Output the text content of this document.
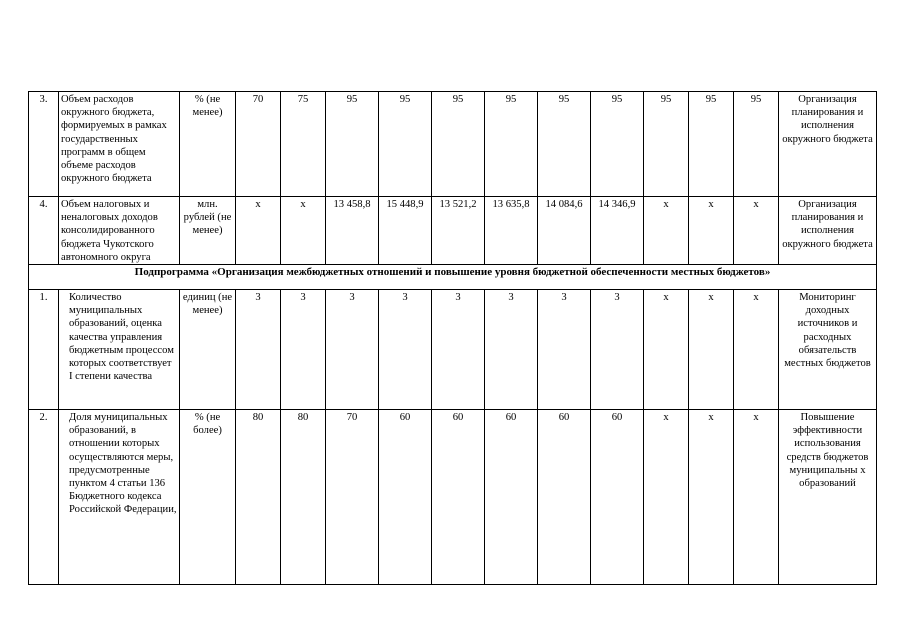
3.	Объем расходов окружного бюджета, формируемых в рамках государственных программ в общем объеме расходов окружного бюджета	% (не менее)	70	75	95	95	95	95	95	95	95	95	95	Организация планирования и исполнения окружного бюджета
4.	Объем налоговых и неналоговых доходов консолидированного бюджета Чукотского автономного округа	млн. рублей (не менее)	х	х	13 458,8	15 448,9	13 521,2	13 635,8	14 084,6	14 346,9	х	х	х	Организация планирования и исполнения окружного бюджета
Подпрограмма «Организация межбюджетных отношений и повышение уровня бюджетной обеспеченности местных бюджетов»														
1.	Количество муниципальных образований, оценка качества управления бюджетным процессом которых соответствует I степени качества	единиц (не менее)	3	3	3	3	3	3	3	3	х	х	х	Мониторинг доходных источников и расходных обязательств местных бюджетов
2.	Доля муниципальных образований, в отношении которых осуществляются меры, предусмотренные пунктом 4 статьи 136 Бюджетного кодекса Российской Федерации,	% (не более)	80	80	70	60	60	60	60	60	х	х	х	Повышение эффективности использования средств бюджетов муниципальны х образований
